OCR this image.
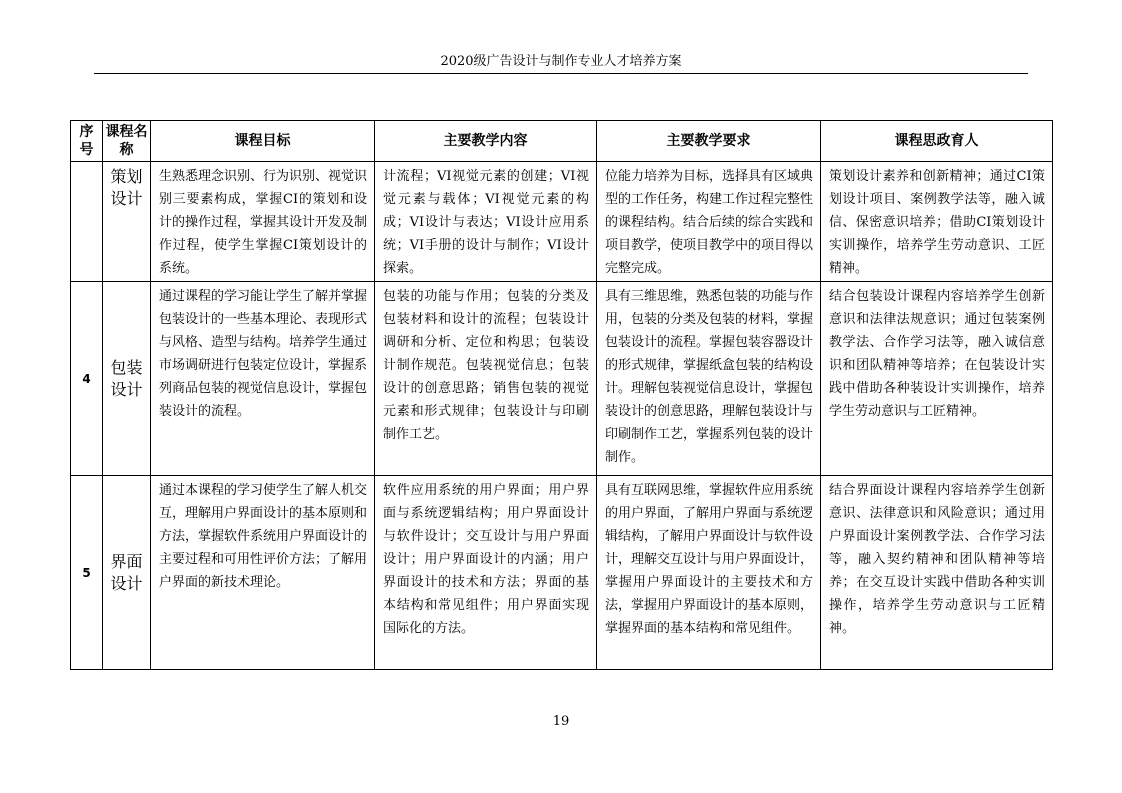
2020级广告设计与制作专业人才培养方案
序号	课程名称	课程目标	主要教学内容	主要教学要求	课程思政育人
	策划设计	生熟悉理念识别、行为识别、视觉识别三要素构成，掌握CI的策划和设计的操作过程，掌握其设计开发及制作过程，使学生掌握CI策划设计的系统。	计流程；VI视觉元素的创建；VI视觉元素与载体；VI视觉元素的构成；VI设计与表达；VI设计应用系统；VI手册的设计与制作；VI设计探索。	位能力培养为目标，选择具有区域典型的工作任务，构建工作过程完整性的课程结构。结合后续的综合实践和项目教学，使项目教学中的项目得以完整完成。	策划设计素养和创新精神；通过CI策划设计项目、案例教学法等，融入诚信、保密意识培养；借助CI策划设计实训操作，培养学生劳动意识、工匠精神。
4	包装设计	通过课程的学习能让学生了解并掌握包装设计的一些基本理论、表现形式与风格、造型与结构。培养学生通过市场调研进行包装定位设计，掌握系列商品包装的视觉信息设计，掌握包装设计的流程。	包装的功能与作用；包装的分类及包装材料和设计的流程；包装设计调研和分析、定位和构思；包装设计制作规范。包装视觉信息；包装设计的创意思路；销售包装的视觉元素和形式规律；包装设计与印刷制作工艺。	具有三维思维，熟悉包装的功能与作用，包装的分类及包装的材料，掌握包装设计的流程。掌握包装容器设计的形式规律，掌握纸盒包装的结构设计。理解包装视觉信息设计，掌握包装设计的创意思路，理解包装设计与印刷制作工艺，掌握系列包装的设计制作。	结合包装设计课程内容培养学生创新意识和法律法规意识；通过包装案例教学法、合作学习法等，融入诚信意识和团队精神等培养；在包装设计实践中借助各种装设计实训操作，培养学生劳动意识与工匠精神。
5	界面设计	通过本课程的学习使学生了解人机交互，理解用户界面设计的基本原则和方法，掌握软件系统用户界面设计的主要过程和可用性评价方法；了解用户界面的新技术理论。	软件应用系统的用户界面；用户界面与系统逻辑结构；用户界面设计与软件设计；交互设计与用户界面设计；用户界面设计的内涵；用户界面设计的技术和方法；界面的基本结构和常见组件；用户界面实现国际化的方法。	具有互联网思维，掌握软件应用系统的用户界面，了解用户界面与系统逻辑结构，了解用户界面设计与软件设计，理解交互设计与用户界面设计，掌握用户界面设计的主要技术和方法，掌握用户界面设计的基本原则，掌握界面的基本结构和常见组件。	结合界面设计课程内容培养学生创新意识、法律意识和风险意识；通过用户界面设计案例教学法、合作学习法等，融入契约精神和团队精神等培养；在交互设计实践中借助各种实训操作，培养学生劳动意识与工匠精神。
19
